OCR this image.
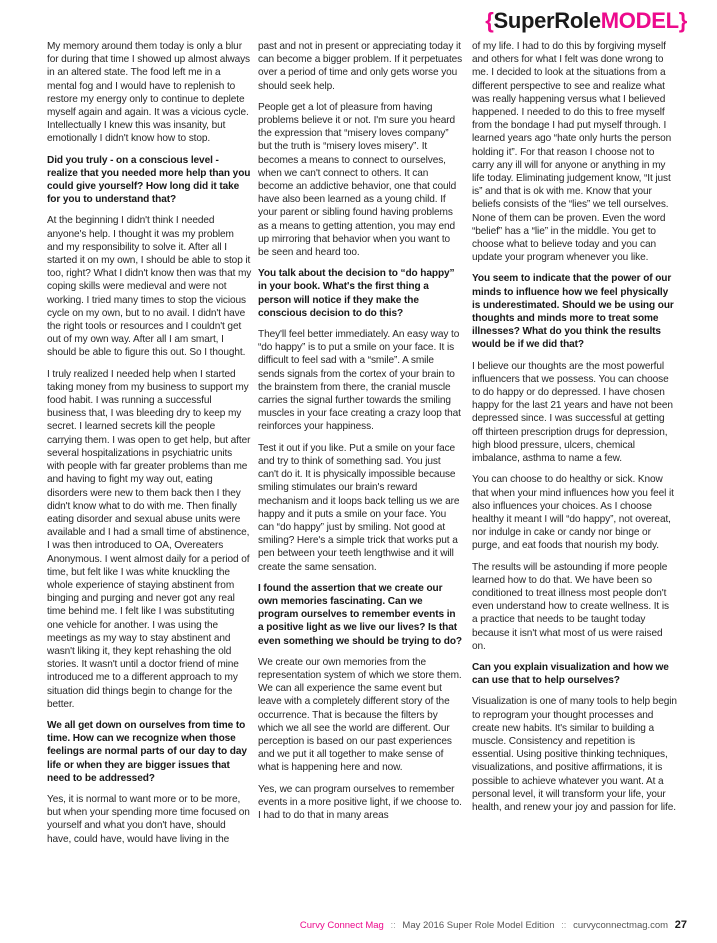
{SuperRoleMODEL}

My memory around them today is only a blur for during that time I showed up almost always in an altered state. The food left me in a mental fog and I would have to replenish to restore my energy only to continue to deplete myself again and again. It was a vicious cycle. Intellectually I knew this was insanity, but emotionally I didn't know how to stop.

Did you truly - on a conscious level - realize that you needed more help than you could give yourself? How long did it take for you to understand that?

At the beginning I didn't think I needed anyone's help. I thought it was my problem and my responsibility to solve it. After all I started it on my own, I should be able to stop it too, right? What I didn't know then was that my coping skills were medieval and were not working. I tried many times to stop the vicious cycle on my own, but to no avail. I didn't have the right tools or resources and I couldn't get out of my own way. After all I am smart, I should be able to figure this out. So I thought.

I truly realized I needed help when I started taking money from my business to support my food habit. I was running a successful business that, I was bleeding dry to keep my secret. I learned secrets kill the people carrying them. I was open to get help, but after several hospitalizations in psychiatric units with people with far greater problems than me and having to fight my way out, eating disorders were new to them back then I they didn't know what to do with me. Then finally eating disorder and sexual abuse units were available and I had a small time of abstinence, I was then introduced to OA, Overeaters Anonymous. I went almost daily for a period of time, but felt like I was white knuckling the whole experience of staying abstinent from binging and purging and never got any real time behind me. I felt like I was substituting one vehicle for another. I was using the meetings as my way to stay abstinent and wasn't liking it, they kept rehashing the old stories. It wasn't until a doctor friend of mine introduced me to a different approach to my situation did things begin to change for the better.

We all get down on ourselves from time to time. How can we recognize when those feelings are normal parts of our day to day life or when they are bigger issues that need to be addressed?

Yes, it is normal to want more or to be more, but when your spending more time focused on yourself and what you don't have, should have, could have, would have living in the

past and not in present or appreciating today it can become a bigger problem. If it perpetuates over a period of time and only gets worse you should seek help.

People get a lot of pleasure from having problems believe it or not. I'm sure you heard the expression that “misery loves company” but the truth is “misery loves misery”. It becomes a means to connect to ourselves, when we can't connect to others. It can become an addictive behavior, one that could have also been learned as a young child. If your parent or sibling found having problems as a means to getting attention, you may end up mirroring that behavior when you want to be seen and heard too.

You talk about the decision to “do happy” in your book. What's the first thing a person will notice if they make the conscious decision to do this?

They'll feel better immediately. An easy way to “do happy” is to put a smile on your face. It is difficult to feel sad with a “smile”. A smile sends signals from the cortex of your brain to the brainstem from there, the cranial muscle carries the signal further towards the smiling muscles in your face creating a crazy loop that reinforces your happiness.

Test it out if you like. Put a smile on your face and try to think of something sad. You just can't do it. It is physically impossible because smiling stimulates our brain's reward mechanism and it loops back telling us we are happy and it puts a smile on your face. You can “do happy” just by smiling. Not good at smiling? Here's a simple trick that works put a pen between your teeth lengthwise and it will create the same sensation.

I found the assertion that we create our own memories fascinating. Can we program ourselves to remember events in a positive light as we live our lives? Is that even something we should be trying to do?

We create our own memories from the representation system of which we store them. We can all experience the same event but leave with a completely different story of the occurrence. That is because the filters by which we all see the world are different. Our perception is based on our past experiences and we put it all together to make sense of what is happening here and now.

Yes, we can program ourselves to remember events in a more positive light, if we choose to. I had to do that in many areas

of my life. I had to do this by forgiving myself and others for what I felt was done wrong to me. I decided to look at the situations from a different perspective to see and realize what was really happening versus what I believed happened. I needed to do this to free myself from the bondage I had put myself through. I learned years ago “hate only hurts the person holding it”. For that reason I choose not to carry any ill will for anyone or anything in my life today. Eliminating judgement know, “It just is” and that is ok with me. Know that your beliefs consists of the “lies” we tell ourselves. None of them can be proven. Even the word “belief” has a “lie” in the middle. You get to choose what to believe today and you can update your program whenever you like.

You seem to indicate that the power of our minds to influence how we feel physically is underestimated. Should we be using our thoughts and minds more to treat some illnesses? What do you think the results would be if we did that?

I believe our thoughts are the most powerful influencers that we possess. You can choose to do happy or do depressed. I have chosen happy for the last 21 years and have not been depressed since. I was successful at getting off thirteen prescription drugs for depression, high blood pressure, ulcers, chemical imbalance, asthma to name a few.

You can choose to do healthy or sick. Know that when your mind influences how you feel it also influences your choices. As I choose healthy it meant I will “do happy”, not overeat, nor indulge in cake or candy nor binge or purge, and eat foods that nourish my body.

The results will be astounding if more people learned how to do that. We have been so conditioned to treat illness most people don't even understand how to create wellness. It is a practice that needs to be taught today because it isn't what most of us were raised on.

Can you explain visualization and how we can use that to help ourselves?

Visualization is one of many tools to help begin to reprogram your thought processes and create new habits. It's similar to building a muscle. Consistency and repetition is essential. Using positive thinking techniques, visualizations, and positive affirmations, it is possible to achieve whatever you want. At a personal level, it will transform your life, your health, and renew your joy and passion for life.

Curvy Connect Mag :: May 2016 Super Role Model Edition :: curvyconnectmag.com 27
